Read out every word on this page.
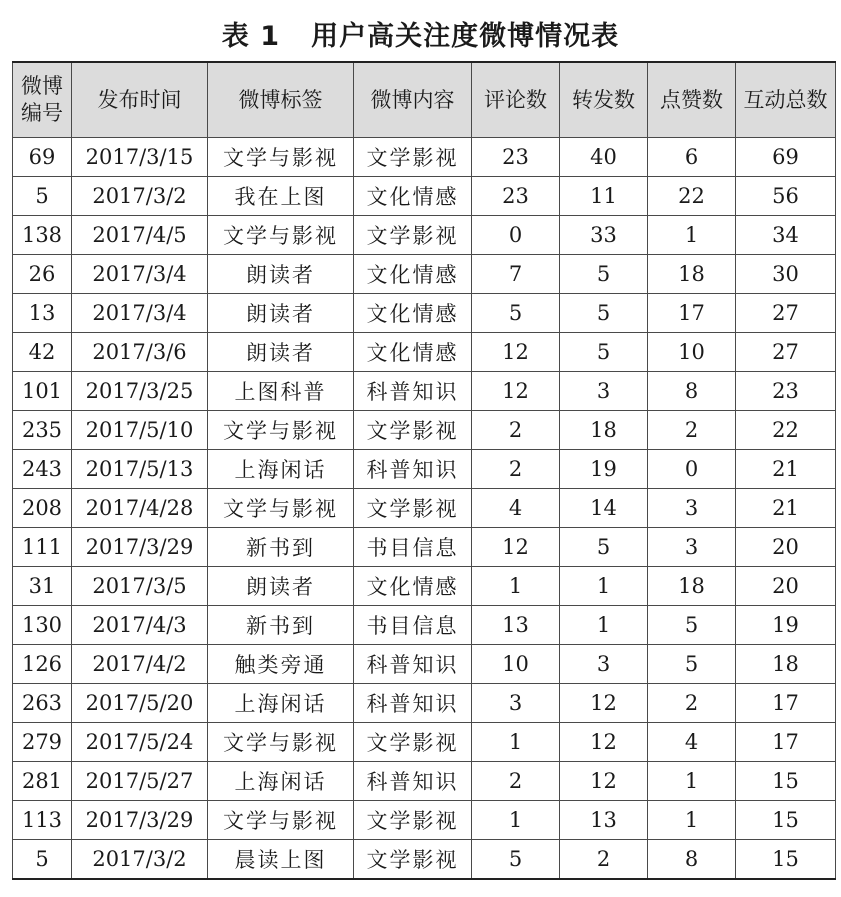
表 1   用户高关注度微博情况表
微博编号	发布时间	微博标签	微博内容	评论数	转发数	点赞数	互动总数
69	2017/3/15	文学与影视	文学影视	23	40	6	69
5	2017/3/2	我在上图	文化情感	23	11	22	56
138	2017/4/5	文学与影视	文学影视	0	33	1	34
26	2017/3/4	朗读者	文化情感	7	5	18	30
13	2017/3/4	朗读者	文化情感	5	5	17	27
42	2017/3/6	朗读者	文化情感	12	5	10	27
101	2017/3/25	上图科普	科普知识	12	3	8	23
235	2017/5/10	文学与影视	文学影视	2	18	2	22
243	2017/5/13	上海闲话	科普知识	2	19	0	21
208	2017/4/28	文学与影视	文学影视	4	14	3	21
111	2017/3/29	新书到	书目信息	12	5	3	20
31	2017/3/5	朗读者	文化情感	1	1	18	20
130	2017/4/3	新书到	书目信息	13	1	5	19
126	2017/4/2	触类旁通	科普知识	10	3	5	18
263	2017/5/20	上海闲话	科普知识	3	12	2	17
279	2017/5/24	文学与影视	文学影视	1	12	4	17
281	2017/5/27	上海闲话	科普知识	2	12	1	15
113	2017/3/29	文学与影视	文学影视	1	13	1	15
5	2017/3/2	晨读上图	文学影视	5	2	8	15
